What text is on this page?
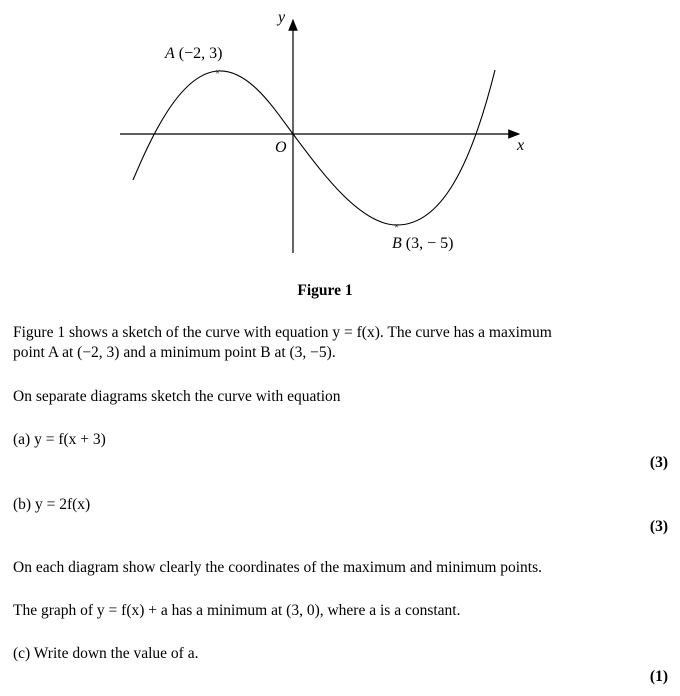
×
×
y
x
O
A (−2, 3)
B (3, − 5)
Figure 1
Figure 1 shows a sketch of the curve with equation y = f(x). The curve has a maximum
point A at (−2, 3) and a minimum point B at (3, −5).
On separate diagrams sketch the curve with equation
(a) y = f(x + 3)
(3)
(b) y = 2f(x)
(3)
On each diagram show clearly the coordinates of the maximum and minimum points.
The graph of y = f(x) + a has a minimum at (3, 0), where a is a constant.
(c) Write down the value of a.
(1)
